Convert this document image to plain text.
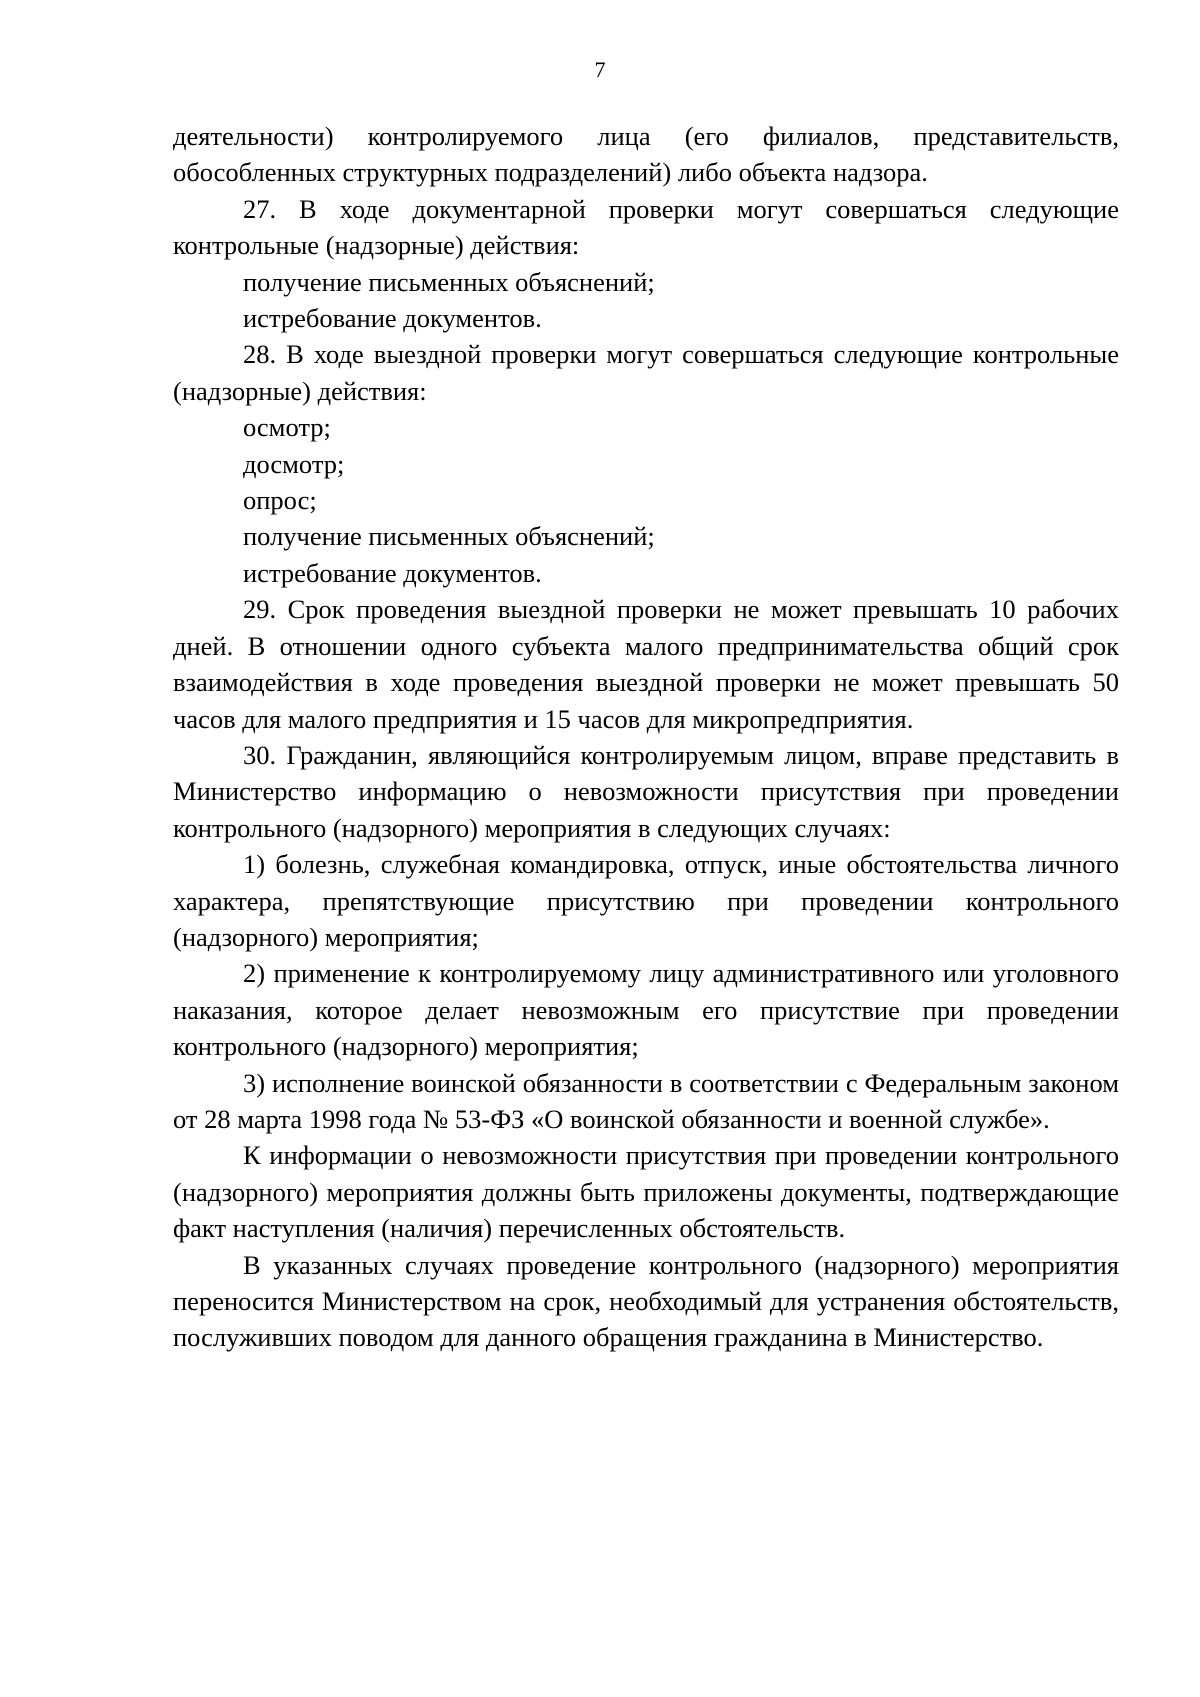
7

деятельности) контролируемого лица (его филиалов, представительств, обособленных структурных подразделений) либо объекта надзора.

27. В ходе документарной проверки могут совершаться следующие контрольные (надзорные) действия:

получение письменных объяснений;

истребование документов.

28. В ходе выездной проверки могут совершаться следующие контрольные (надзорные) действия:

осмотр;

досмотр;

опрос;

получение письменных объяснений;

истребование документов.

29. Срок проведения выездной проверки не может превышать 10 рабочих дней. В отношении одного субъекта малого предпринимательства общий срок взаимодействия в ходе проведения выездной проверки не может превышать 50 часов для малого предприятия и 15 часов для микропредприятия.

30. Гражданин, являющийся контролируемым лицом, вправе представить в Министерство информацию о невозможности присутствия при проведении контрольного (надзорного) мероприятия в следующих случаях:

1) болезнь, служебная командировка, отпуск, иные обстоятельства личного характера, препятствующие присутствию при проведении контрольного (надзорного) мероприятия;

2) применение к контролируемому лицу административного или уголовного наказания, которое делает невозможным его присутствие при проведении контрольного (надзорного) мероприятия;

3) исполнение воинской обязанности в соответствии с Федеральным законом от 28 марта 1998 года № 53-ФЗ «О воинской обязанности и военной службе».

К информации о невозможности присутствия при проведении контрольного (надзорного) мероприятия должны быть приложены документы, подтверждающие факт наступления (наличия) перечисленных обстоятельств.

В указанных случаях проведение контрольного (надзорного) мероприятия переносится Министерством на срок, необходимый для устранения обстоятельств, послуживших поводом для данного обращения гражданина в Министерство.
